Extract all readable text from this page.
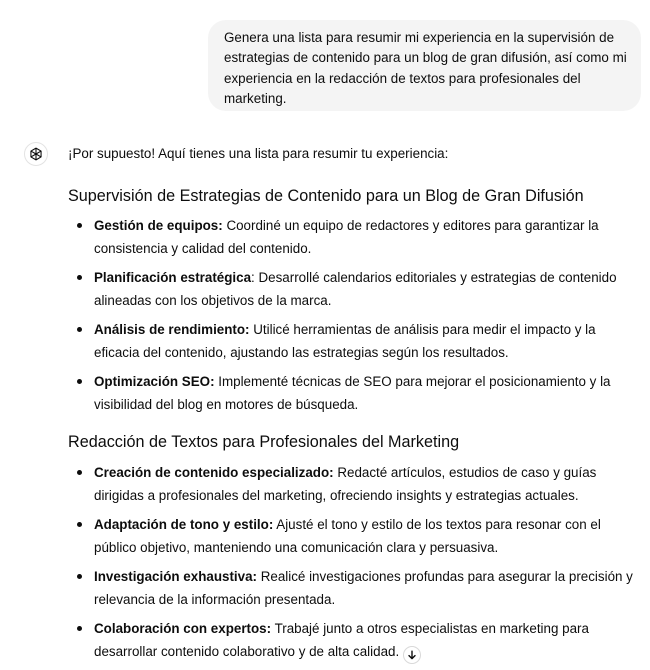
Genera una lista para resumir mi experiencia en la supervisión de estrategias de contenido para un blog de gran difusión, así como mi experiencia en la redacción de textos para profesionales del marketing.

¡Por supuesto! Aquí tienes una lista para resumir tu experiencia:

Supervisión de Estrategias de Contenido para un Blog de Gran Difusión
Gestión de equipos: Coordiné un equipo de redactores y editores para garantizar la consistencia y calidad del contenido.
Planificación estratégica: Desarrollé calendarios editoriales y estrategias de contenido alineadas con los objetivos de la marca.
Análisis de rendimiento: Utilicé herramientas de análisis para medir el impacto y la eficacia del contenido, ajustando las estrategias según los resultados.
Optimización SEO: Implementé técnicas de SEO para mejorar el posicionamiento y la visibilidad del blog en motores de búsqueda.
Redacción de Textos para Profesionales del Marketing
Creación de contenido especializado: Redacté artículos, estudios de caso y guías dirigidas a profesionales del marketing, ofreciendo insights y estrategias actuales.
Adaptación de tono y estilo: Ajusté el tono y estilo de los textos para resonar con el público objetivo, manteniendo una comunicación clara y persuasiva.
Investigación exhaustiva: Realicé investigaciones profundas para asegurar la precisión y relevancia de la información presentada.
Colaboración con expertos: Trabajé junto a otros especialistas en marketing para desarrollar contenido colaborativo y de alta calidad.
